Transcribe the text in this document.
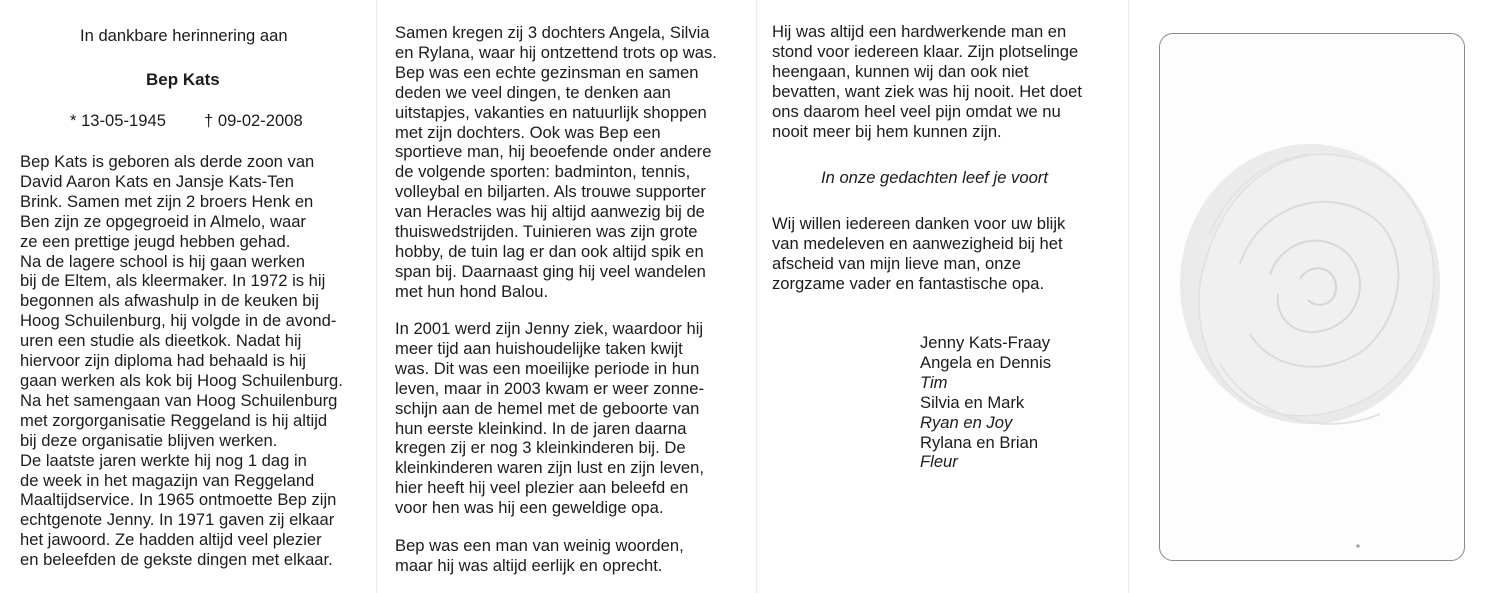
In dankbare herinnering aan
Bep Kats
* 13-05-1945 † 09-02-2008

Bep Kats is geboren als derde zoon van

David Aaron Kats en Jansje Kats-Ten

Brink. Samen met zijn 2 broers Henk en

Ben zijn ze opgegroeid in Almelo, waar

ze een prettige jeugd hebben gehad.

Na de lagere school is hij gaan werken

bij de Eltem, als kleermaker. In 1972 is hij

begonnen als afwashulp in de keuken bij

Hoog Schuilenburg, hij volgde in de avond-

uren een studie als dieetkok. Nadat hij

hiervoor zijn diploma had behaald is hij

gaan werken als kok bij Hoog Schuilenburg.

Na het samengaan van Hoog Schuilenburg

met zorgorganisatie Reggeland is hij altijd

bij deze organisatie blijven werken.

De laatste jaren werkte hij nog 1 dag in

de week in het magazijn van Reggeland

Maaltijdservice. In 1965 ontmoette Bep zijn

echtgenote Jenny. In 1971 gaven zij elkaar

het jawoord. Ze hadden altijd veel plezier

en beleefden de gekste dingen met elkaar.

Samen kregen zij 3 dochters Angela, Silvia

en Rylana, waar hij ontzettend trots op was.

Bep was een echte gezinsman en samen

deden we veel dingen, te denken aan

uitstapjes, vakanties en natuurlijk shoppen

met zijn dochters. Ook was Bep een

sportieve man, hij beoefende onder andere

de volgende sporten: badminton, tennis,

volleybal en biljarten. Als trouwe supporter

van Heracles was hij altijd aanwezig bij de

thuiswedstrijden. Tuinieren was zijn grote

hobby, de tuin lag er dan ook altijd spik en

span bij. Daarnaast ging hij veel wandelen

met hun hond Balou.

In 2001 werd zijn Jenny ziek, waardoor hij

meer tijd aan huishoudelijke taken kwijt

was. Dit was een moeilijke periode in hun

leven, maar in 2003 kwam er weer zonne-

schijn aan de hemel met de geboorte van

hun eerste kleinkind. In de jaren daarna

kregen zij er nog 3 kleinkinderen bij. De

kleinkinderen waren zijn lust en zijn leven,

hier heeft hij veel plezier aan beleefd en

voor hen was hij een geweldige opa.

Bep was een man van weinig woorden,

maar hij was altijd eerlijk en oprecht.

Hij was altijd een hardwerkende man en

stond voor iedereen klaar. Zijn plotselinge

heengaan, kunnen wij dan ook niet

bevatten, want ziek was hij nooit. Het doet

ons daarom heel veel pijn omdat we nu

nooit meer bij hem kunnen zijn.

In onze gedachten leef je voort

Wij willen iedereen danken voor uw blijk

van medeleven en aanwezigheid bij het

afscheid van mijn lieve man, onze

zorgzame vader en fantastische opa.

Jenny Kats-Fraay
Angela en Dennis
Tim
Silvia en Mark
Ryan en Joy
Rylana en Brian
Fleur
